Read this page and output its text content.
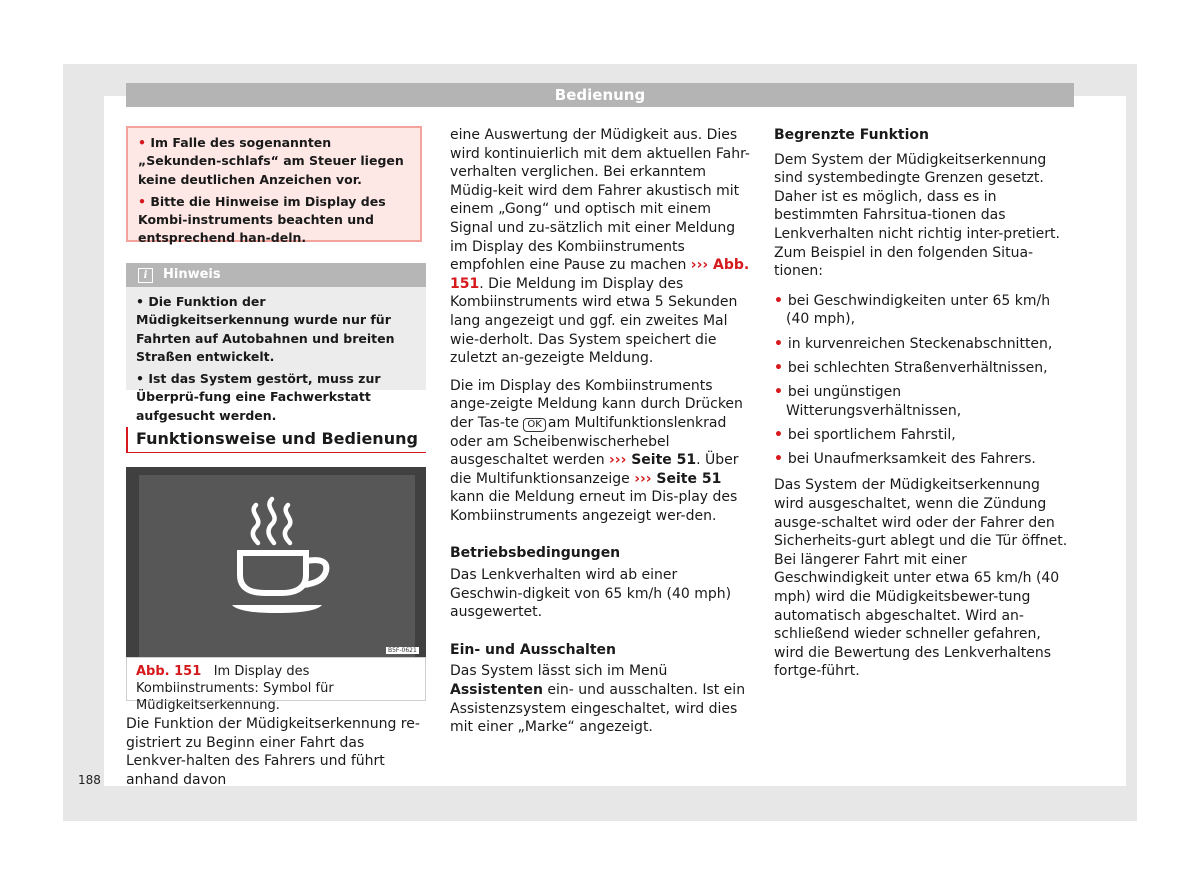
Bedienung

• Im Falle des sogenannten „Sekunden-schlafs“ am Steuer liegen keine deutlichen Anzeichen vor.

• Bitte die Hinweise im Display des Kombi-instruments beachten und entsprechend han-deln.

i	Hinweis

• Die Funktion der Müdigkeitserkennung wurde nur für Fahrten auf Autobahnen und breiten Straßen entwickelt.

• Ist das System gestört, muss zur Überprü-fung eine Fachwerkstatt aufgesucht werden.

Funktionsweise und Bedienung
B5F-0621
Abb. 151 Im Display des Kombiinstruments: Symbol für Müdigkeitserkennung.
Die Funktion der Müdigkeitserkennung re-gistriert zu Beginn einer Fahrt das Lenkver-halten des Fahrers und führt anhand davon

eine Auswertung der Müdigkeit aus. Dies wird kontinuierlich mit dem aktuellen Fahr-verhalten verglichen. Bei erkanntem Müdig-keit wird dem Fahrer akustisch mit einem „Gong“ und optisch mit einem Signal und zu-sätzlich mit einer Meldung im Display des Kombiinstruments empfohlen eine Pause zu machen ››› Abb. 151. Die Meldung im Display des Kombiinstruments wird etwa 5 Sekunden lang angezeigt und ggf. ein zweites Mal wie-derholt. Das System speichert die zuletzt an-gezeigte Meldung.

Die im Display des Kombiinstruments ange-zeigte Meldung kann durch Drücken der Tas-te OK am Multifunktionslenkrad oder am Scheibenwischerhebel ausgeschaltet werden ››› Seite 51. Über die Multifunktionsanzeige ››› Seite 51 kann die Meldung erneut im Dis-play des Kombiinstruments angezeigt wer-den.

Betriebsbedingungen

Das Lenkverhalten wird ab einer Geschwin-digkeit von 65 km/h (40 mph) ausgewertet.

Ein- und Ausschalten

Das System lässt sich im Menü Assistenten ein- und ausschalten. Ist ein Assistenzsystem eingeschaltet, wird dies mit einer „Marke“ angezeigt.

Begrenzte Funktion

Dem System der Müdigkeitserkennung sind systembedingte Grenzen gesetzt. Daher ist es möglich, dass es in bestimmten Fahrsitua-tionen das Lenkverhalten nicht richtig inter-pretiert. Zum Beispiel in den folgenden Situa-tionen:

• bei Geschwindigkeiten unter 65 km/h (40 mph),
• in kurvenreichen Steckenabschnitten,
• bei schlechten Straßenverhältnissen,
• bei ungünstigen Witterungsverhältnissen,
• bei sportlichem Fahrstil,
• bei Unaufmerksamkeit des Fahrers.

Das System der Müdigkeitserkennung wird ausgeschaltet, wenn die Zündung ausge-schaltet wird oder der Fahrer den Sicherheits-gurt ablegt und die Tür öffnet. Bei längerer Fahrt mit einer Geschwindigkeit unter etwa 65 km/h (40 mph) wird die Müdigkeitsbewer-tung automatisch abgeschaltet. Wird an-schließend wieder schneller gefahren, wird die Bewertung des Lenkverhaltens fortge-führt.

188
